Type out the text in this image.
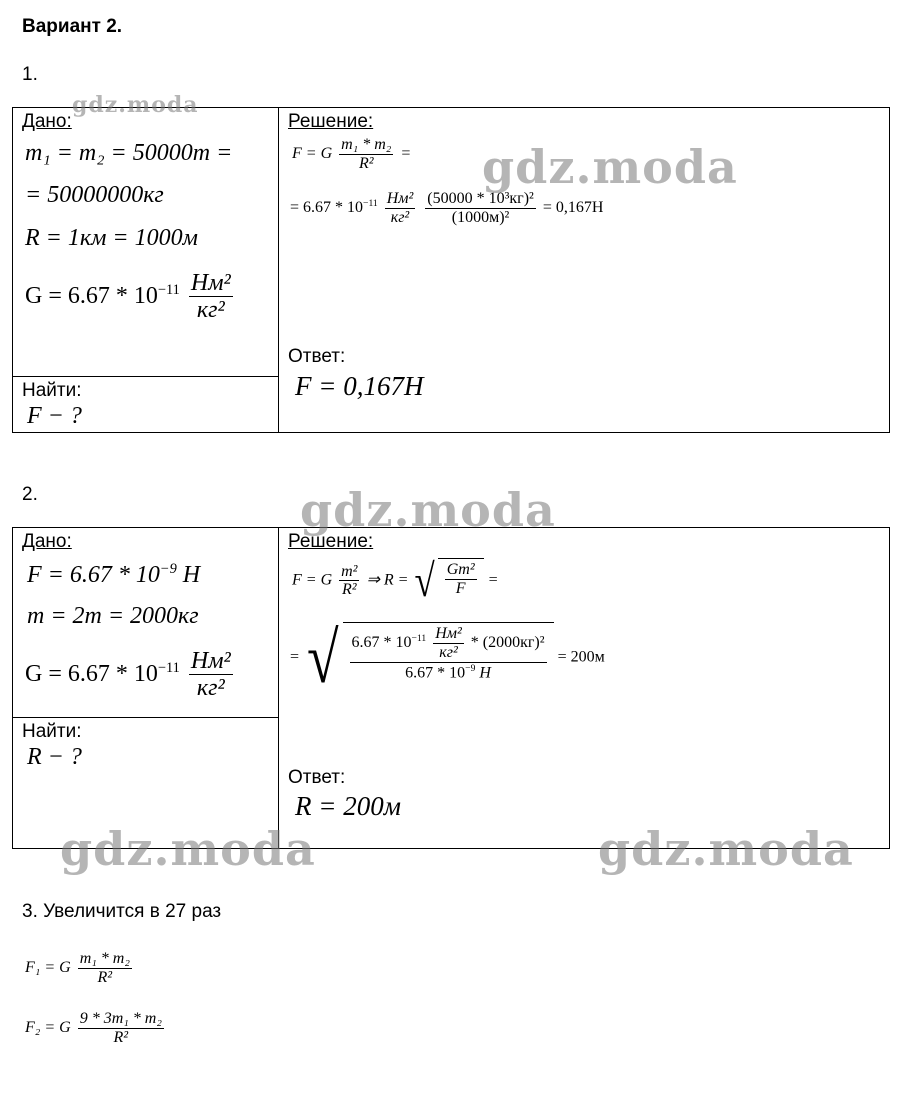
Вариант 2.
1.
Дано:
m₁ = m₂ = 50000т =
= 50000000кг
R = 1км = 1000м
$G = 6.67 * 10^{-11} \frac{\text{Нм²}}{\text{кг²}}$
Найти:
F − ?
Решение:
F = G $\frac{\text{m₁ * m₂}}{\text{R²}}$ =
= $6.67 * 10^{-11} \frac{\text{Нм²}}{\text{кг²}}$
$\frac{\text{(50000 * 10³кг)²}}{\text{(1000м)²}} = 0,167Н$
Ответ:
F = 0,167Н
2.
Дано:
$F = 6.67 * 10^{-9}$ Н
m = 2т = 2000кг
$G = 6.67 * 10^{-11} \frac{\text{Нм²}}{\text{кг²}}$
Найти:
R − ?
Решение:
F = G $\frac{\text{m²}}{\text{R²}}$ ⇒ R = √ $\frac{\text{Gm²}}{F}$ =
= √ $\frac{6.67 * 10^{-11} \frac{\text{Нм²}}{\text{кг²}} * (2000кг)^2}{6.67 * 10^{-9} Н} = 200м$
Ответ:
R = 200м
3. Увеличится в 27 раз
F₁ = G $\frac{\text{m₁ * m₂}}{\text{R²}}$
F₂ = G $\frac{\text{9 * 3m₁ * m₂}}{\text{R²}}$
gdz.moda
gdz.moda
gdz.moda
gdz.moda	gdz.moda
